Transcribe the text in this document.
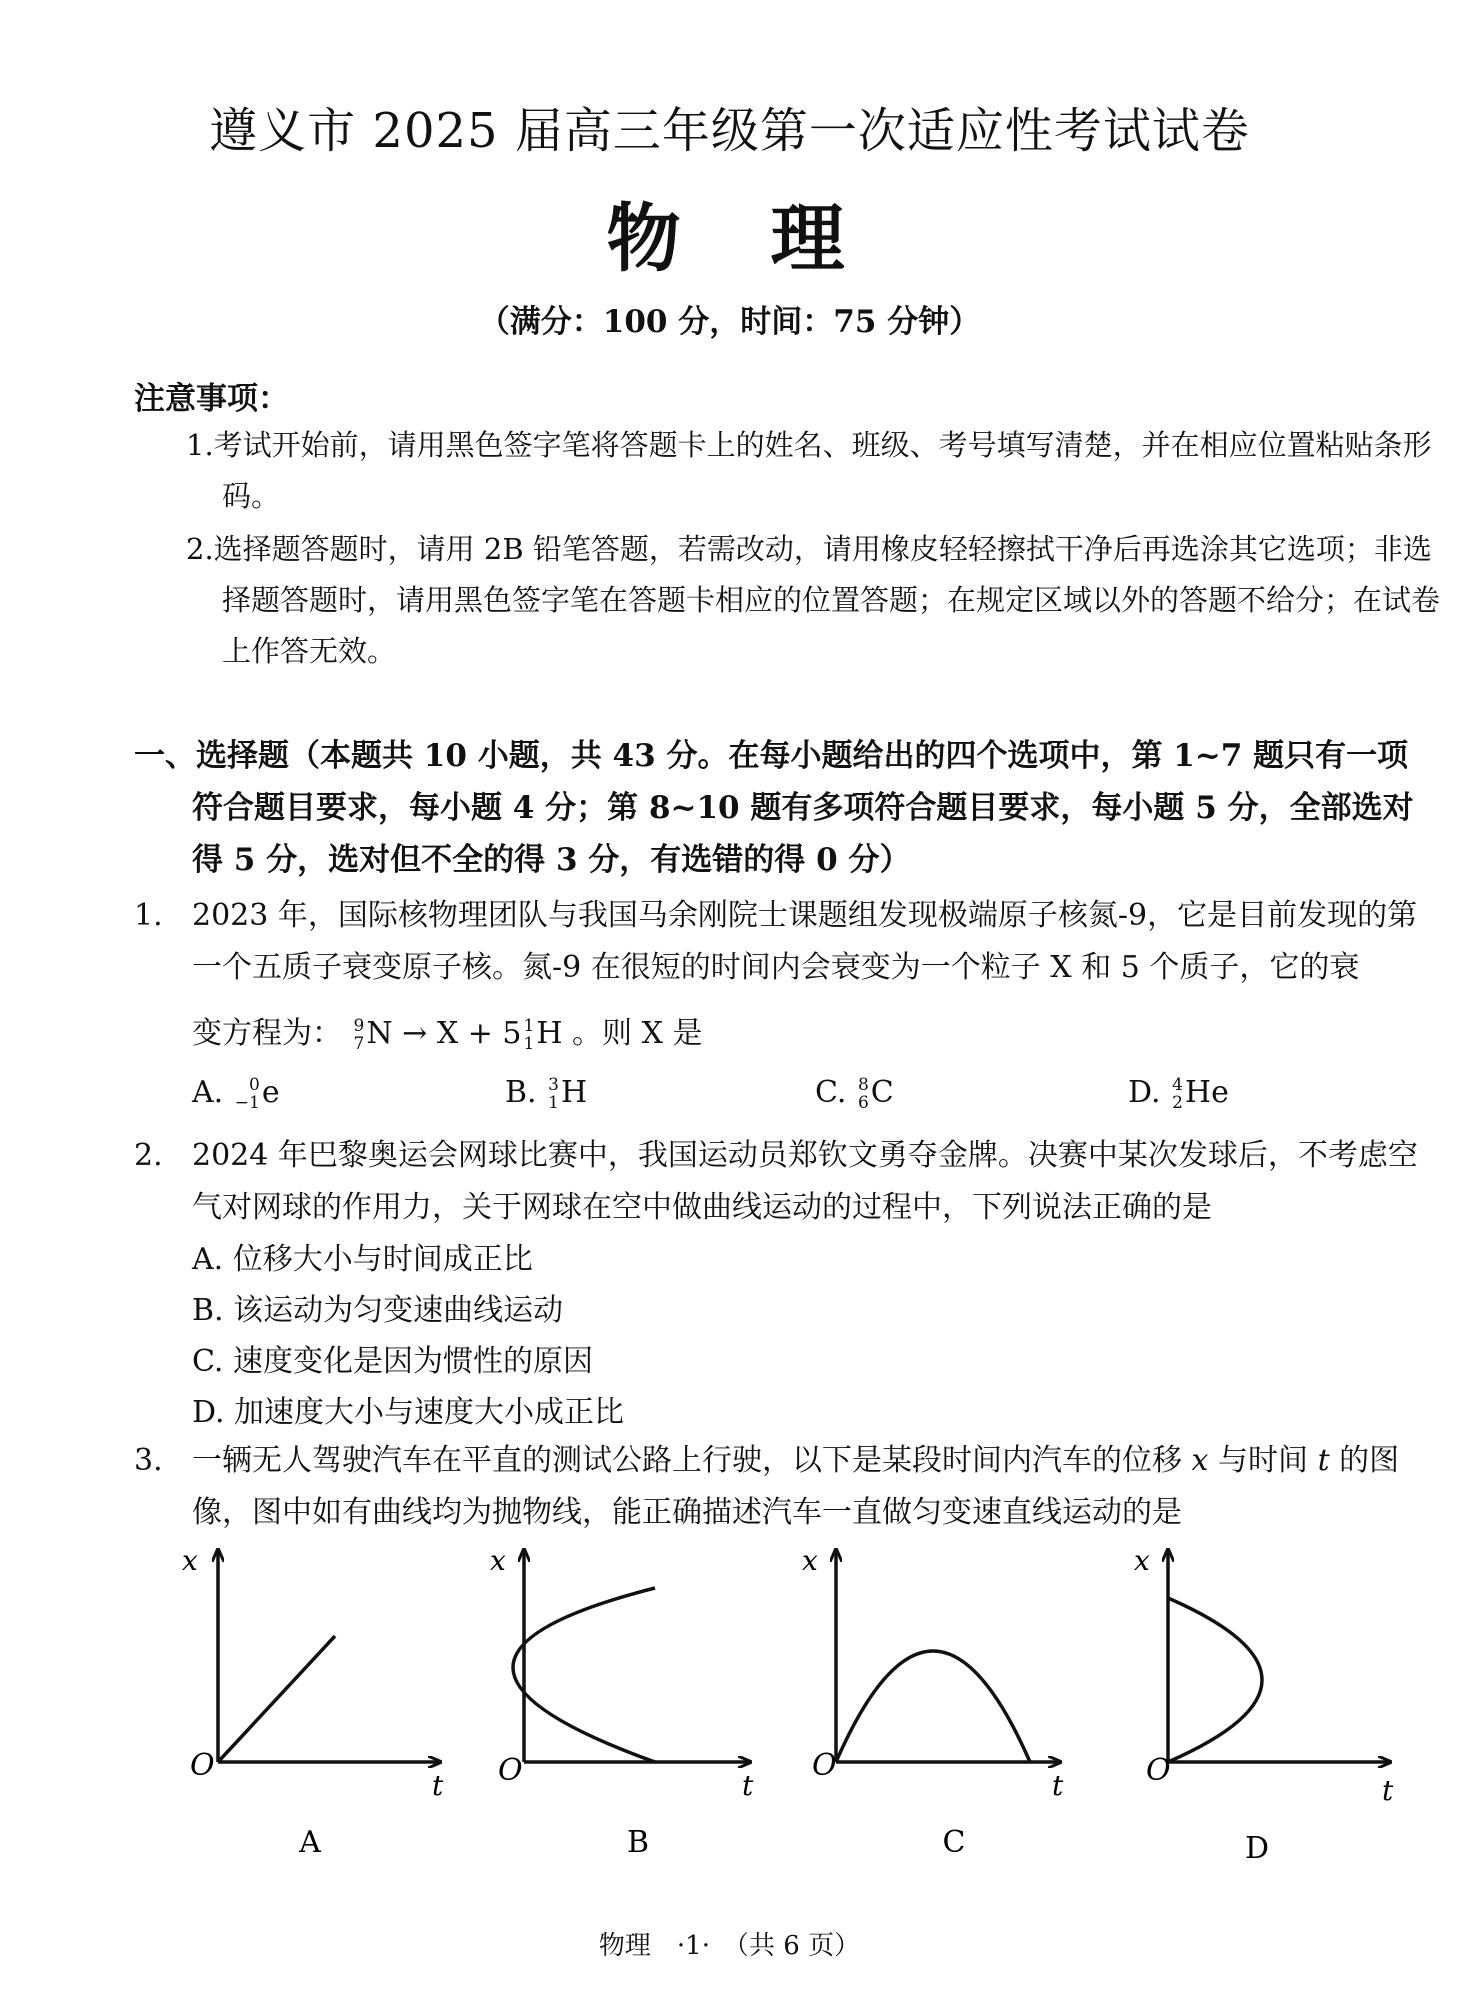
遵义市 2025 届高三年级第一次适应性考试试卷
物　理
（满分：100 分，时间：75 分钟）
注意事项：
1.考试开始前，请用黑色签字笔将答题卡上的姓名、班级、考号填写清楚，并在相应位置粘贴条形码。
2.选择题答题时，请用 2B 铅笔答题，若需改动，请用橡皮轻轻擦拭干净后再选涂其它选项；非选择题答题时，请用黑色签字笔在答题卡相应的位置答题；在规定区域以外的答题不给分；在试卷上作答无效。
一、选择题（本题共 10 小题，共 43 分。在每小题给出的四个选项中，第 1~7 题只有一项符合题目要求，每小题 4 分；第 8~10 题有多项符合题目要求，每小题 5 分，全部选对得 5 分，选对但不全的得 3 分，有选错的得 0 分）
1. 2023 年，国际核物理团队与我国马余刚院士课题组发现极端原子核氮-9，它是目前发现的第一个五质子衰变原子核。氮-9 在很短的时间内会衰变为一个粒子 X 和 5 个质子，它的衰
变方程为： 9
7N → X + 5 1
1H 。则 X 是
A. 0
−1e	B. 3
1H	C. 8
6C	D. 4
2He
2. 2024 年巴黎奥运会网球比赛中，我国运动员郑钦文勇夺金牌。决赛中某次发球后，不考虑空气对网球的作用力，关于网球在空中做曲线运动的过程中，下列说法正确的是
A. 位移大小与时间成正比
B. 该运动为匀变速曲线运动
C. 速度变化是因为惯性的原因
D. 加速度大小与速度大小成正比
3. 一辆无人驾驶汽车在平直的测试公路上行驶，以下是某段时间内汽车的位移 x 与时间 t 的图像，图中如有曲线均为抛物线，能正确描述汽车一直做匀变速直线运动的是
x
t
O
A
x
t
O
B
x
t
O
C
x
t
O
D
物理　·1·　（共 6 页）
